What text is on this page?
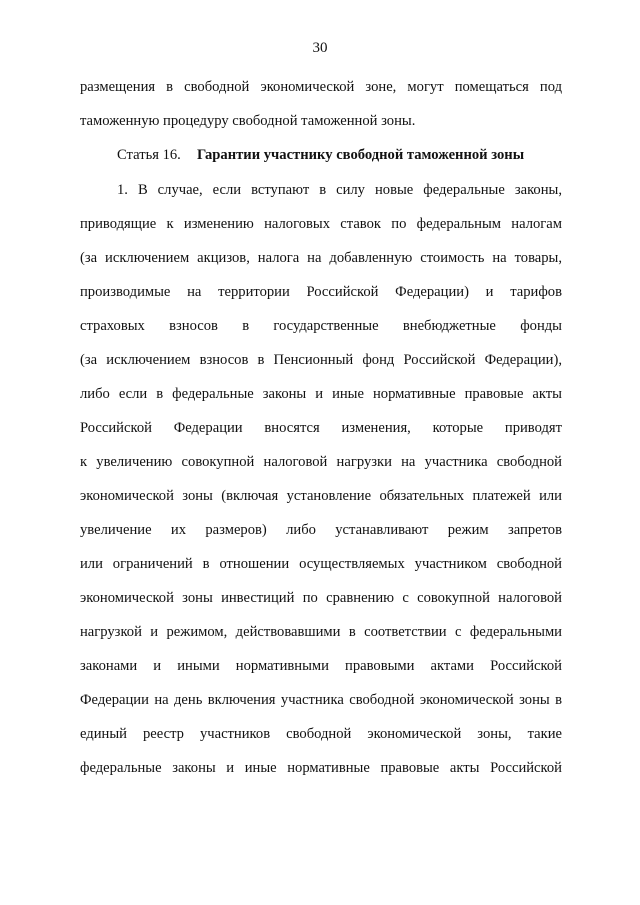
30
размещения в свободной экономической зоне, могут помещаться под
таможенную процедуру свободной таможенной зоны.
Статья 16. Гарантии участнику свободной таможенной зоны
1. В случае, если вступают в силу новые федеральные законы,
приводящие к изменению налоговых ставок по федеральным налогам
(за исключением акцизов, налога на добавленную стоимость на товары,
производимые на территории Российской Федерации) и тарифов
страховых взносов в государственные внебюджетные фонды
(за исключением взносов в Пенсионный фонд Российской Федерации),
либо если в федеральные законы и иные нормативные правовые акты
Российской Федерации вносятся изменения, которые приводят
к увеличению совокупной налоговой нагрузки на участника свободной
экономической зоны (включая установление обязательных платежей или
увеличение их размеров) либо устанавливают режим запретов
или ограничений в отношении осуществляемых участником свободной
экономической зоны инвестиций по сравнению с совокупной налоговой
нагрузкой и режимом, действовавшими в соответствии с федеральными
законами и иными нормативными правовыми актами Российской
Федерации на день включения участника свободной экономической зоны в
единый реестр участников свободной экономической зоны, такие
федеральные законы и иные нормативные правовые акты Российской
